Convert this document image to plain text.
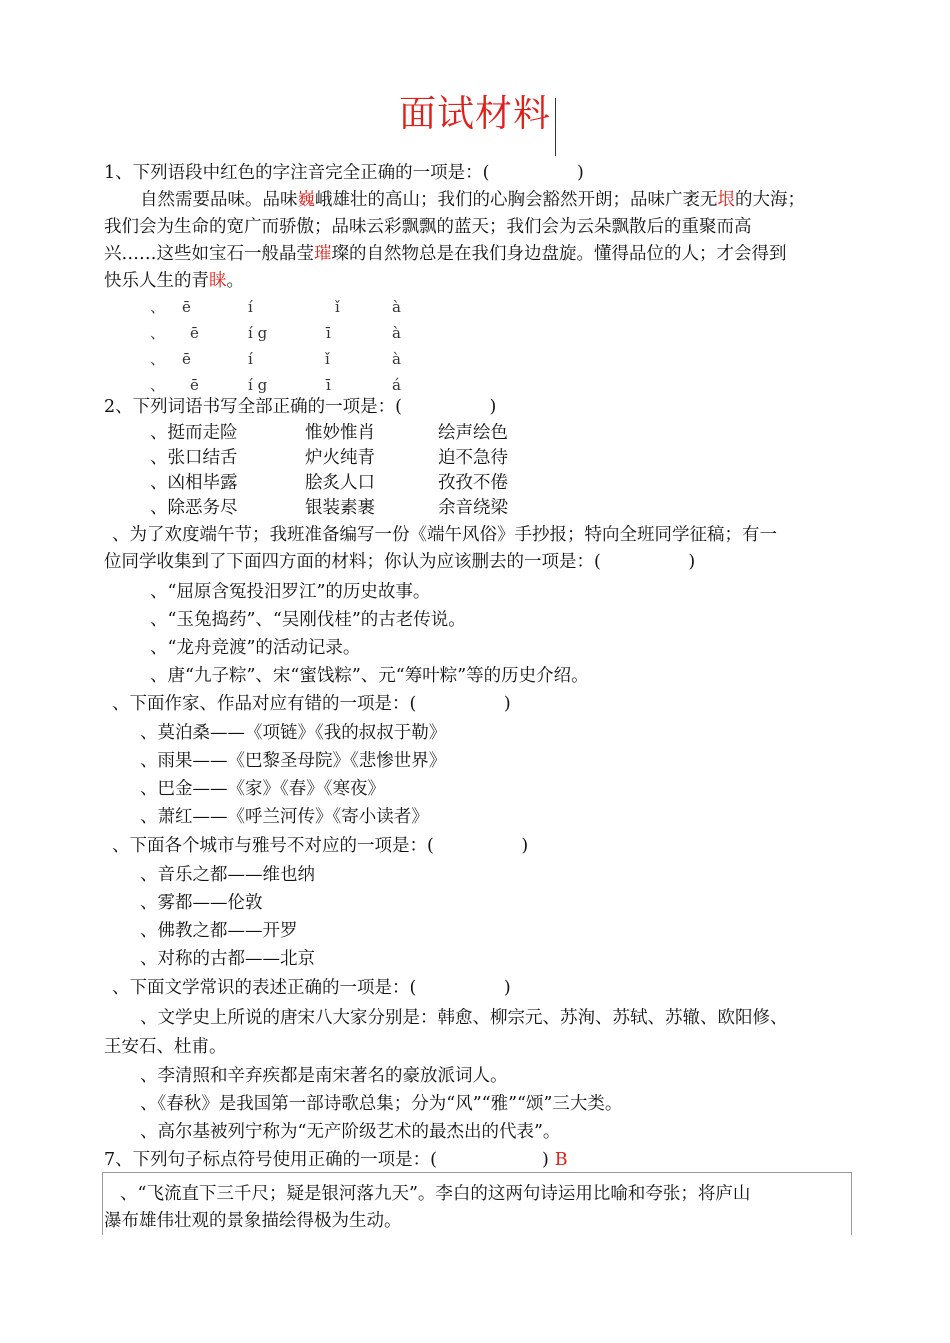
面试材料
1、下列语段中红色的字注音完全正确的一项是：(　　　　　)
自然需要品味。品味巍峨雄壮的高山；我们的心胸会豁然开朗；品味广袤无垠的大海；
我们会为生命的宽广而骄傲；品味云彩飘飘的蓝天；我们会为云朵飘散后的重聚而高
兴……这些如宝石一般晶莹璀璨的自然物总是在我们身边盘旋。懂得品位的人；才会得到
快乐人生的青睐。
、 ē	í	ǐ	à
、 ē	í g	ī	à
、 ē	í	ǐ	à
、 ē	í g	ī	á
2、下列词语书写全部正确的一项是：(　　　　　)
、挺而走险	惟妙惟肖	绘声绘色
、张口结舌	炉火纯青	迫不急待
、凶相毕露	脍炙人口	孜孜不倦
、除恶务尽	银装素裹	余音绕梁
、为了欢度端午节；我班准备编写一份《端午风俗》手抄报；特向全班同学征稿；有一
位同学收集到了下面四方面的材料；你认为应该删去的一项是：(　　　　　)
、“屈原含冤投汨罗江”的历史故事。
、“玉兔捣药”、“吴刚伐桂”的古老传说。
、“龙舟竞渡”的活动记录。
、唐“九子粽”、宋“蜜饯粽”、元“筹叶粽”等的历史介绍。
、下面作家、作品对应有错的一项是：(　　　　　)
、莫泊桑——《项链》《我的叔叔于勒》
、雨果——《巴黎圣母院》《悲惨世界》
、巴金——《家》《春》《寒夜》
、萧红——《呼兰河传》《寄小读者》
、下面各个城市与雅号不对应的一项是：(　　　　　)
、音乐之都——维也纳
、雾都——伦敦
、佛教之都——开罗
、对称的古都——北京
、下面文学常识的表述正确的一项是：(　　　　　)
、文学史上所说的唐宋八大家分别是：韩愈、柳宗元、苏洵、苏轼、苏辙、欧阳修、
王安石、杜甫。
、李清照和辛弃疾都是南宋著名的豪放派词人。
、《春秋》是我国第一部诗歌总集；分为“风”“雅”“颂”三大类。
、高尔基被列宁称为“无产阶级艺术的最杰出的代表”。
7、下列句子标点符号使用正确的一项是：(　　　　　　) B
、“飞流直下三千尺；疑是银河落九天”。李白的这两句诗运用比喻和夸张；将庐山
瀑布雄伟壮观的景象描绘得极为生动。
